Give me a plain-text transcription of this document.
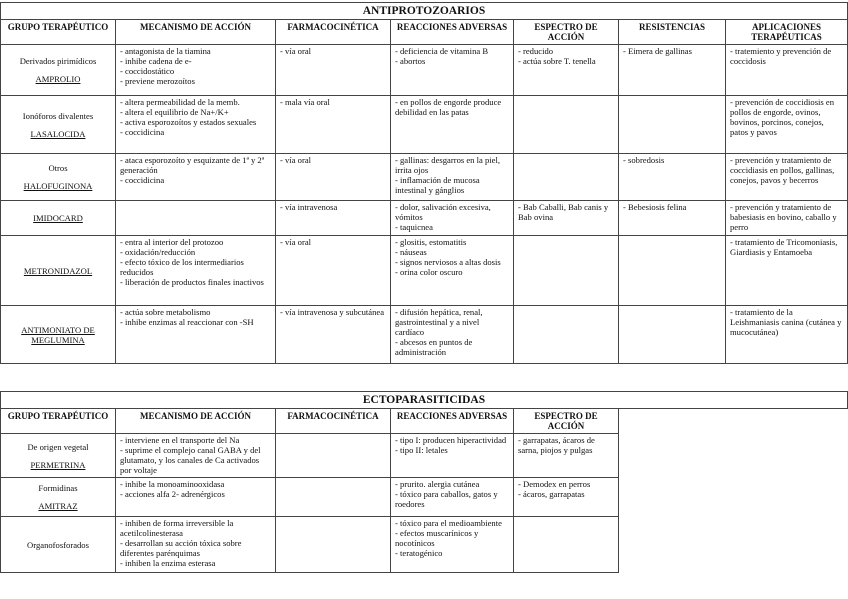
ANTIPROTOZOARIOS						
GRUPO TERAPÉUTICO	MECANISMO DE ACCIÓN	FARMACOCINÉTICA	REACCIONES ADVERSAS	ESPECTRO DE ACCIÓN	RESISTENCIAS	APLICACIONES TERAPÉUTICAS

Derivados pirimídicos
AMPROLIO	- antagonista de la tiamina
- inhibe cadena de e-
- coccidostático
- previene merozoítos	- vía oral	- deficiencia de vitamina B
- abortos	- reducido
- actúa sobre T. tenella	- Eimera de gallinas	- tratemiento y prevención de coccidosis

Ionóforos divalentes
LASALOCIDA	- altera permeabilidad de la memb.
- altera el equilibrio de Na+/K+
- activa esporozoítos y estados sexuales
- coccidicina	- mala vía oral	- en pollos de engorde produce debilidad en las patas			- prevención de coccidiosis en pollos de engorde, ovinos, bovinos, porcinos, conejos, patos y pavos

Otros
HALOFUGINONA	- ataca esporozoíto y esquizante de 1ª y 2ª generación
- coccidicina	- vía oral	- gallinas: desgarros en la piel, irrita ojos
- inflamación de mucosa intestinal y gánglios		- sobredosis	- prevención y tratamiento de coccidiasis en pollos, gallinas, conejos, pavos y becerros

IMIDOCARD		- vía intravenosa	- dolor, salivación excesiva, vómitos
- taquicnea	- Bab Caballi, Bab canis y Bab ovina	- Bebesiosis felina	- prevención y tratamiento de babesiasis en bovino, caballo y perro

METRONIDAZOL	- entra al interior del protozoo
- oxidación/reducción
- efecto tóxico de los intermediarios reducidos
- liberación de productos finales inactivos	- vía oral	- glositis, estomatitis
- náuseas
- signos nerviosos a altas dosis
- orina color oscuro			- tratamiento de Tricomoniasis, Giardiasis y Entamoeba

ANTIMONIATO DE MEGLUMINA	- actúa sobre metabolismo
- inhibe enzimas al reaccionar con -SH	- vía intravenosa y subcutánea	- difusión hepática, renal, gastrointestinal y a nivel cardíaco
- abcesos en puntos de administración			- tratamiento de la Leishmaniasis canina (cutánea y mucocutánea)
ECTOPARASITICIDAS						
GRUPO TERAPÉUTICO	MECANISMO DE ACCIÓN	FARMACOCINÉTICA	REACCIONES ADVERSAS	ESPECTRO DE ACCIÓN		

De origen vegetal
PERMETRINA	- interviene en el transporte del Na
- suprime el complejo canal GABA y del glutamato, y los canales de Ca activados por voltaje		- tipo I: producen hiperactividad
- tipo II: letales	- garrapatas, ácaros de sarna, piojos y pulgas		

Formidinas
AMITRAZ	- inhibe la monoaminooxidasa
- acciones alfa 2- adrenérgicos		- prurito. alergia cutánea
- tóxico para caballos, gatos y roedores	- Demodex en perros
- ácaros, garrapatas		

Organofosforados	- inhiben de forma irreversible la acetilcolinesterasa
- desarrollan su acción tóxica sobre diferentes parénquimas
- inhiben la enzima esterasa		- tóxico para el medioambiente
- efectos muscarínicos y nocotínicos
- teratogénico			
